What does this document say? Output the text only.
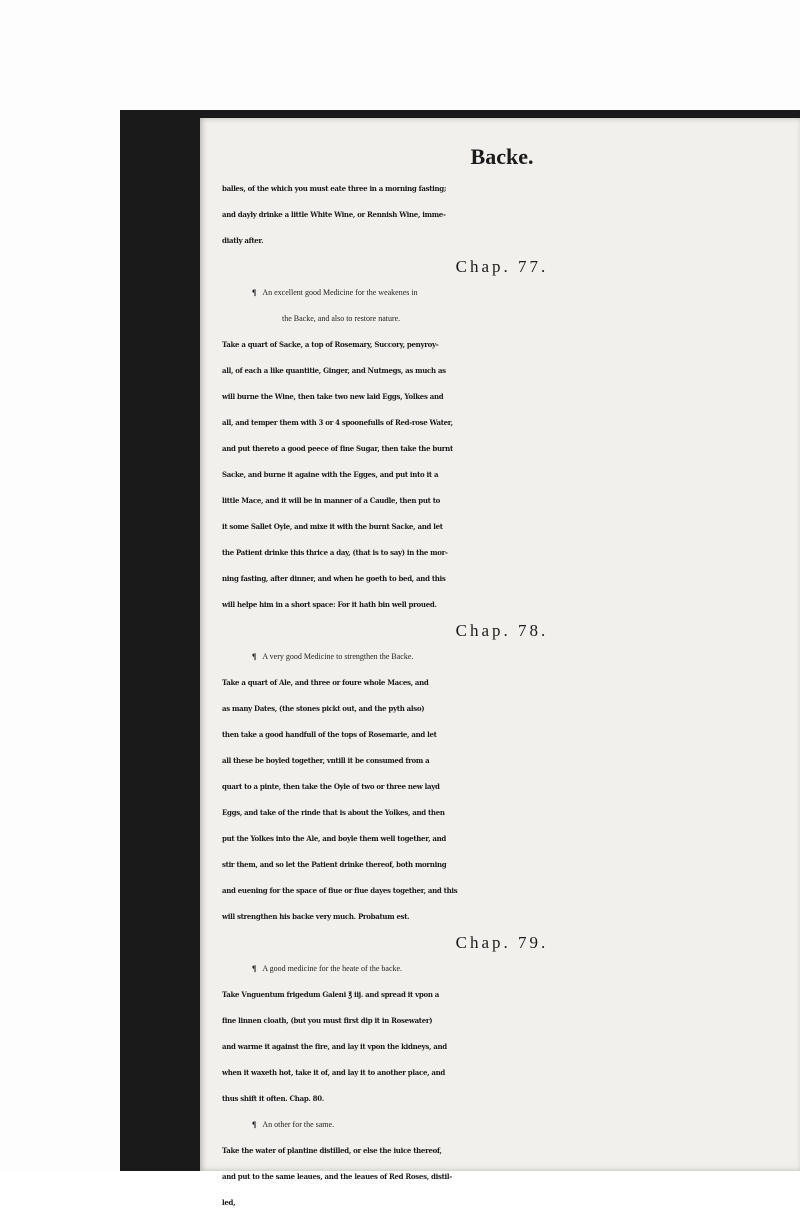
Backe.
balles, of the which you must eate three in a morning fasting;
and dayly drinke a little White Wine, or Rennish Wine, imme-
diatly after.
Chap. 77.
¶ An excellent good Medicine for the weakenes in
the Backe, and also to restore nature.
Take a quart of Sacke, a top of Rosemary, Succory, penyroy-
all, of each a like quantitie, Ginger, and Nutmegs, as much as
will burne the Wine, then take two new laid Eggs, Yolkes and
all, and temper them with 3 or 4 spoonefulls of Red-rose Water,
and put thereto a good peece of fine Sugar, then take the burnt
Sacke, and burne it againe with the Egges, and put into it a
little Mace, and it will be in manner of a Caudle, then put to
it some Sallet Oyle, and mixe it with the burnt Sacke, and let
the Patient drinke this thrice a day, (that is to say) in the mor-
ning fasting, after dinner, and when he goeth to bed, and this
will helpe him in a short space: For it hath bin well proued.
Chap. 78.
¶ A very good Medicine to strengthen the Backe.
Take a quart of Ale, and three or foure whole Maces, and
as many Dates, (the stones pickt out, and the pyth also)
then take a good handfull of the tops of Rosemarie, and let
all these be boyled together, vntill it be consumed from a
quart to a pinte, then take the Oyle of two or three new layd
Eggs, and take of the rinde that is about the Yolkes, and then
put the Yolkes into the Ale, and boyle them well together, and
stir them, and so let the Patient drinke thereof, both morning
and euening for the space of fiue or fiue dayes together, and this
will strengthen his backe very much. Probatum est.
Chap. 79.
¶ A good medicine for the heate of the backe.
Take Vnguentum frigedum Galeni ℥ iij. and spread it vpon a
fine linnen cloath, (but you must first dip it in Rosewater)
and warme it against the fire, and lay it vpon the kidneys, and
when it waxeth hot, take it of, and lay it to another place, and
thus shift it often. Chap. 80.
¶ An other for the same.
Take the water of plantine distilled, or else the iuice thereof,
and put to the same leaues, and the leaues of Red Roses, distil-
led,
